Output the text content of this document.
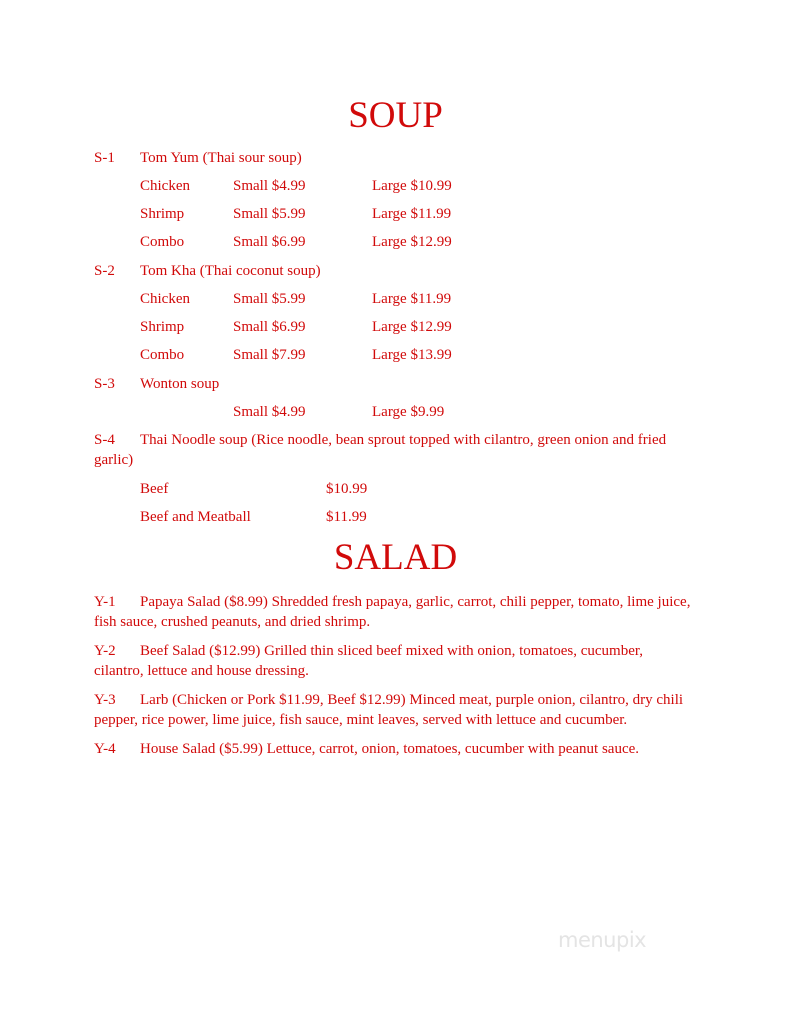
SOUP
S-1 Tom Yum (Thai sour soup)
Chicken	Small $4.99	Large $10.99
Shrimp	Small $5.99	Large $11.99
Combo	Small $6.99	Large $12.99
S-2 Tom Kha (Thai coconut soup)
Chicken	Small $5.99	Large $11.99
Shrimp	Small $6.99	Large $12.99
Combo	Small $7.99	Large $13.99
S-3 Wonton soup
Small $4.99	Large $9.99
S-4 Thai Noodle soup (Rice noodle, bean sprout topped with cilantro, green onion and fried garlic)
Beef	$10.99
Beef and Meatball	$11.99
SALAD
Y-1 Papaya Salad ($8.99) Shredded fresh papaya, garlic, carrot, chili pepper, tomato, lime juice, fish sauce, crushed peanuts, and dried shrimp.
Y-2 Beef Salad ($12.99) Grilled thin sliced beef mixed with onion, tomatoes, cucumber, cilantro, lettuce and house dressing.
Y-3 Larb (Chicken or Pork $11.99, Beef $12.99) Minced meat, purple onion, cilantro, dry chili pepper, rice power, lime juice, fish sauce, mint leaves, served with lettuce and cucumber.
Y-4 House Salad ($5.99) Lettuce, carrot, onion, tomatoes, cucumber with peanut sauce.
menupix
